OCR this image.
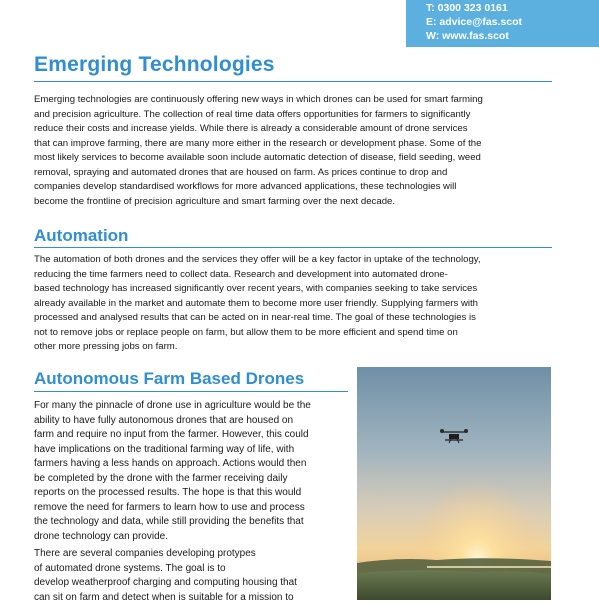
T: 0300 323 0161
E: advice@fas.scot
W: www.fas.scot
Emerging Technologies
Emerging technologies are continuously offering new ways in which drones can be used for smart farming
and precision agriculture. The collection of real time data offers opportunities for farmers to significantly
reduce their costs and increase yields. While there is already a considerable amount of drone services
that can improve farming, there are many more either in the research or development phase. Some of the
most likely services to become available soon include automatic detection of disease, field seeding, weed
removal, spraying and automated drones that are housed on farm. As prices continue to drop and
companies develop standardised workflows for more advanced applications, these technologies will
become the frontline of precision agriculture and smart farming over the next decade.
Automation
The automation of both drones and the services they offer will be a key factor in uptake of the technology,
reducing the time farmers need to collect data. Research and development into automated drone-
based technology has increased significantly over recent years, with companies seeking to take services
already available in the market and automate them to become more user friendly. Supplying farmers with
processed and analysed results that can be acted on in near-real time. The goal of these technologies is
not to remove jobs or replace people on farm, but allow them to be more efficient and spend time on
other more pressing jobs on farm.
Autonomous Farm Based Drones
For many the pinnacle of drone use in agriculture would be the
ability to have fully autonomous drones that are housed on
farm and require no input from the farmer. However, this could
have implications on the traditional farming way of life, with
farmers having a less hands on approach. Actions would then
be completed by the drone with the farmer receiving daily
reports on the processed results. The hope is that this would
remove the need for farmers to learn how to use and process
the technology and data, while still providing the benefits that
drone technology can provide.
There are several companies developing protypes
of automated drone systems. The goal is to
develop weatherproof charging and computing housing that
can sit on farm and detect when is suitable for a mission to
